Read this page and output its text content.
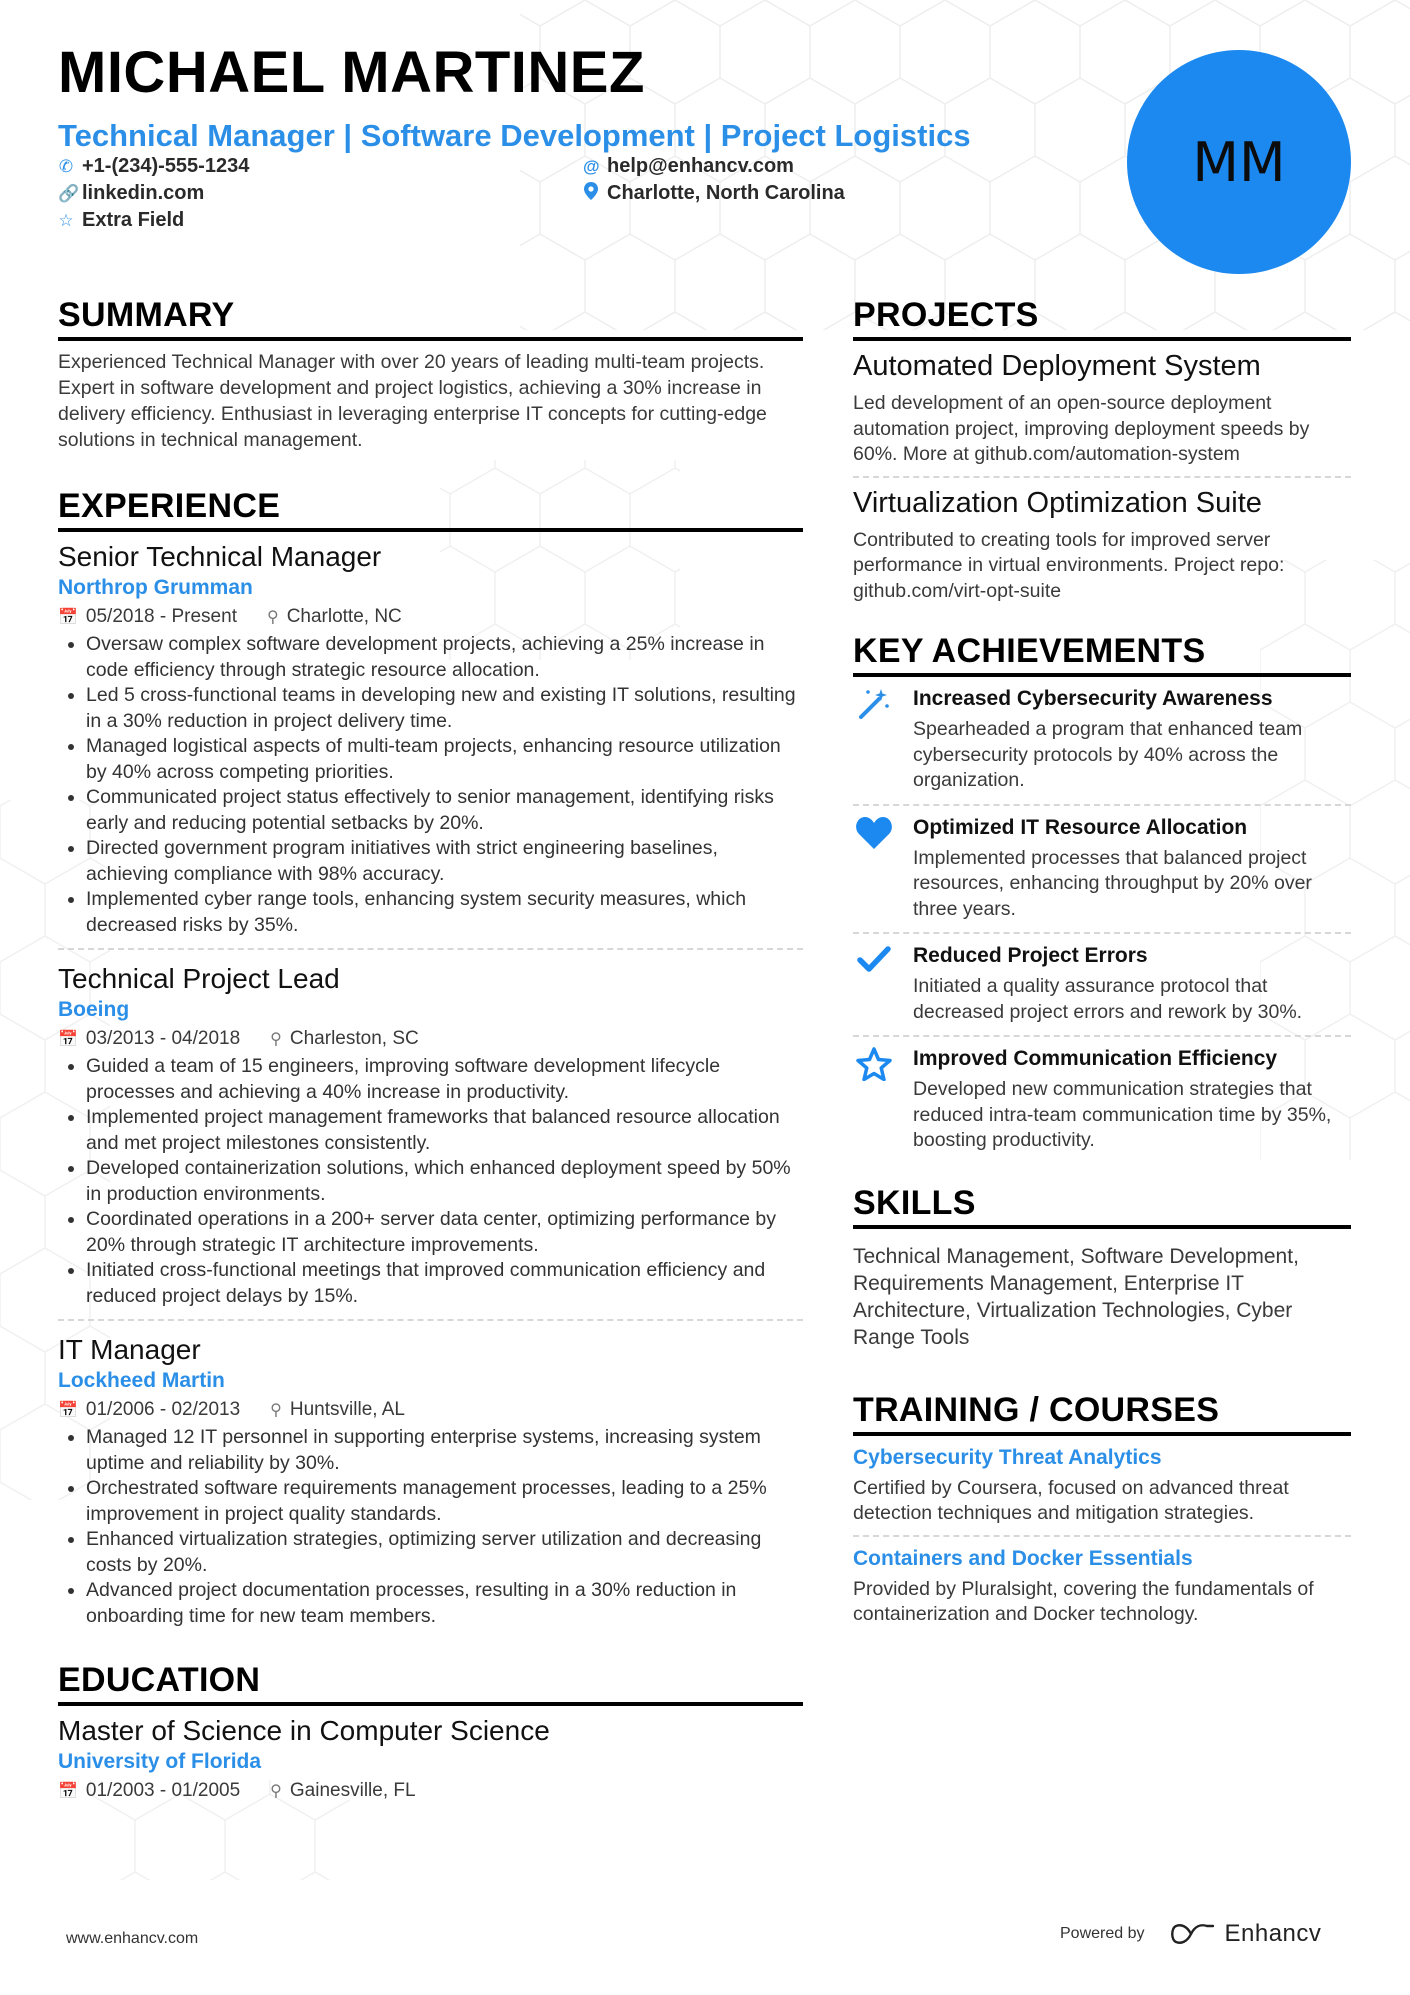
MICHAEL MARTINEZ
Technical Manager | Software Development | Project Logistics
✆ +1-(234)-555-1234	@ help@enhancv.com
🔗 linkedin.com	Charlotte, North Carolina
☆ Extra Field
MM
SUMMARY
Experienced Technical Manager with over 20 years of leading multi-team projects. Expert in software development and project logistics, achieving a 30% increase in delivery efficiency. Enthusiast in leveraging enterprise IT concepts for cutting-edge solutions in technical management.
EXPERIENCE
Senior Technical Manager
Northrop Grumman
📅 05/2018 - Present ⚲ Charlotte, NC
• Oversaw complex software development projects, achieving a 25% increase in code efficiency through strategic resource allocation.
• Led 5 cross-functional teams in developing new and existing IT solutions, resulting in a 30% reduction in project delivery time.
• Managed logistical aspects of multi-team projects, enhancing resource utilization by 40% across competing priorities.
• Communicated project status effectively to senior management, identifying risks early and reducing potential setbacks by 20%.
• Directed government program initiatives with strict engineering baselines, achieving compliance with 98% accuracy.
• Implemented cyber range tools, enhancing system security measures, which decreased risks by 35%.
Technical Project Lead
Boeing
📅 03/2013 - 04/2018 ⚲ Charleston, SC
• Guided a team of 15 engineers, improving software development lifecycle processes and achieving a 40% increase in productivity.
• Implemented project management frameworks that balanced resource allocation and met project milestones consistently.
• Developed containerization solutions, which enhanced deployment speed by 50% in production environments.
• Coordinated operations in a 200+ server data center, optimizing performance by 20% through strategic IT architecture improvements.
• Initiated cross-functional meetings that improved communication efficiency and reduced project delays by 15%.
IT Manager
Lockheed Martin
📅 01/2006 - 02/2013 ⚲ Huntsville, AL
• Managed 12 IT personnel in supporting enterprise systems, increasing system uptime and reliability by 30%.
• Orchestrated software requirements management processes, leading to a 25% improvement in project quality standards.
• Enhanced virtualization strategies, optimizing server utilization and decreasing costs by 20%.
• Advanced project documentation processes, resulting in a 30% reduction in onboarding time for new team members.
EDUCATION
Master of Science in Computer Science
University of Florida
📅 01/2003 - 01/2005 ⚲ Gainesville, FL
PROJECTS
Automated Deployment System
Led development of an open-source deployment automation project, improving deployment speeds by 60%. More at github.com/automation-system
Virtualization Optimization Suite
Contributed to creating tools for improved server performance in virtual environments. Project repo: github.com/virt-opt-suite
KEY ACHIEVEMENTS
Increased Cybersecurity Awareness
Spearheaded a program that enhanced team cybersecurity protocols by 40% across the organization.
Optimized IT Resource Allocation
Implemented processes that balanced project resources, enhancing throughput by 20% over three years.
Reduced Project Errors
Initiated a quality assurance protocol that decreased project errors and rework by 30%.
Improved Communication Efficiency
Developed new communication strategies that reduced intra-team communication time by 35%, boosting productivity.
SKILLS
Technical Management, Software Development, Requirements Management, Enterprise IT Architecture, Virtualization Technologies, Cyber Range Tools
TRAINING / COURSES
Cybersecurity Threat Analytics
Certified by Coursera, focused on advanced threat detection techniques and mitigation strategies.
Containers and Docker Essentials
Provided by Pluralsight, covering the fundamentals of containerization and Docker technology.
www.enhancv.com	Powered by	Enhancv
